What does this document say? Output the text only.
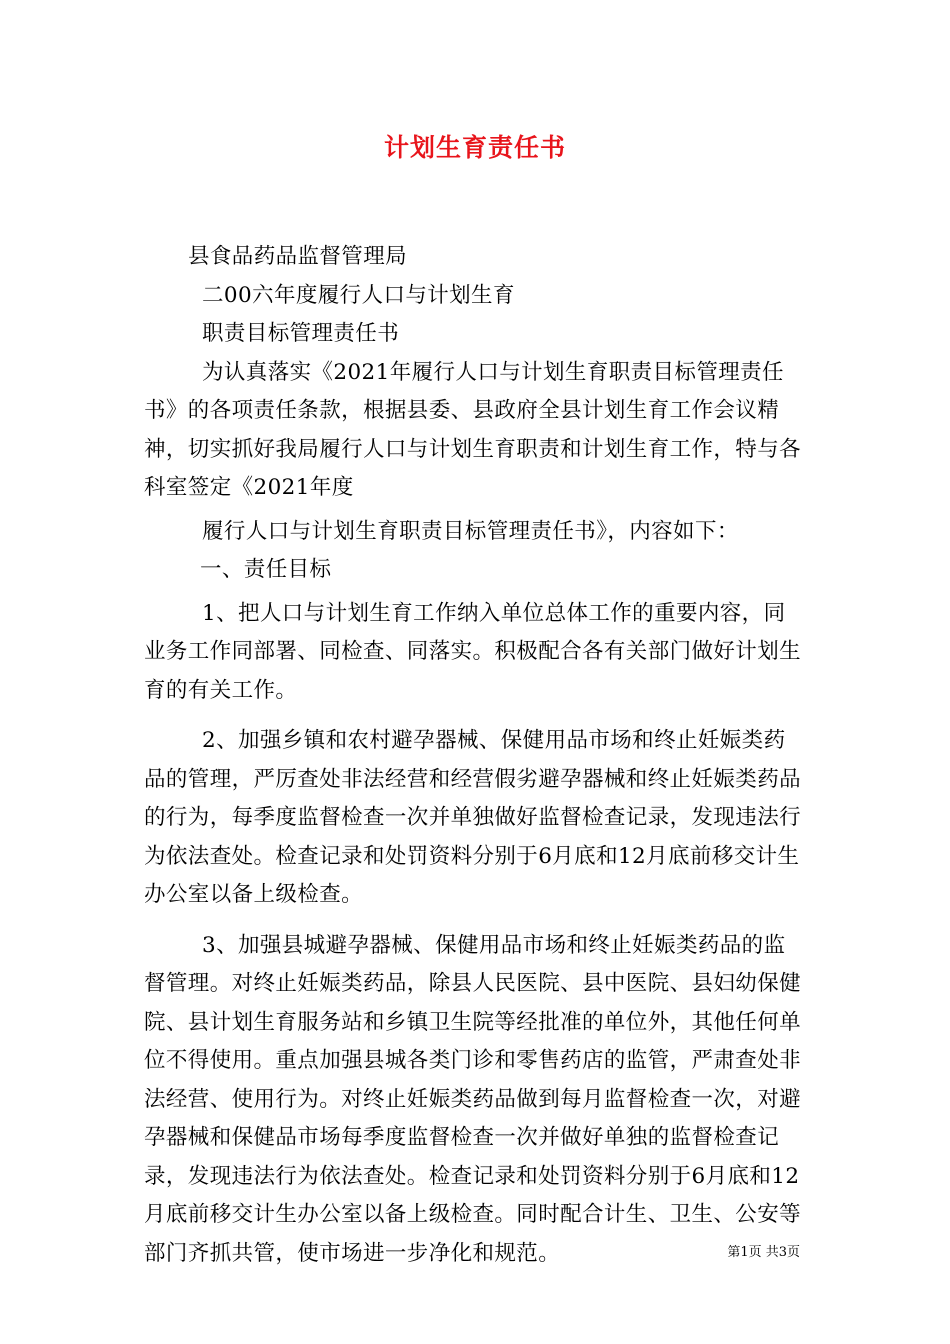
计划生育责任书

县食品药品监督管理局

二00六年度履行人口与计划生育

职责目标管理责任书

为认真落实《2021年履行人口与计划生育职责目标管理责任书》的各项责任条款，根据县委、县政府全县计划生育工作会议精神，切实抓好我局履行人口与计划生育职责和计划生育工作，特与各科室签定《2021年度

履行人口与计划生育职责目标管理责任书》，内容如下：

一、责任目标

1、把人口与计划生育工作纳入单位总体工作的重要内容，同业务工作同部署、同检查、同落实。积极配合各有关部门做好计划生育的有关工作。

2、加强乡镇和农村避孕器械、保健用品市场和终止妊娠类药品的管理，严厉查处非法经营和经营假劣避孕器械和终止妊娠类药品的行为，每季度监督检查一次并单独做好监督检查记录，发现违法行为依法查处。检查记录和处罚资料分别于6月底和12月底前移交计生办公室以备上级检查。

3、加强县城避孕器械、保健用品市场和终止妊娠类药品的监督管理。对终止妊娠类药品，除县人民医院、县中医院、县妇幼保健院、县计划生育服务站和乡镇卫生院等经批准的单位外，其他任何单位不得使用。重点加强县城各类门诊和零售药店的监管，严肃查处非法经营、使用行为。对终止妊娠类药品做到每月监督检查一次，对避孕器械和保健品市场每季度监督检查一次并做好单独的监督检查记录，发现违法行为依法查处。检查记录和处罚资料分别于6月底和12月底前移交计生办公室以备上级检查。同时配合计生、卫生、公安等部门齐抓共管，使市场进一步净化和规范。	第1页 共3页
